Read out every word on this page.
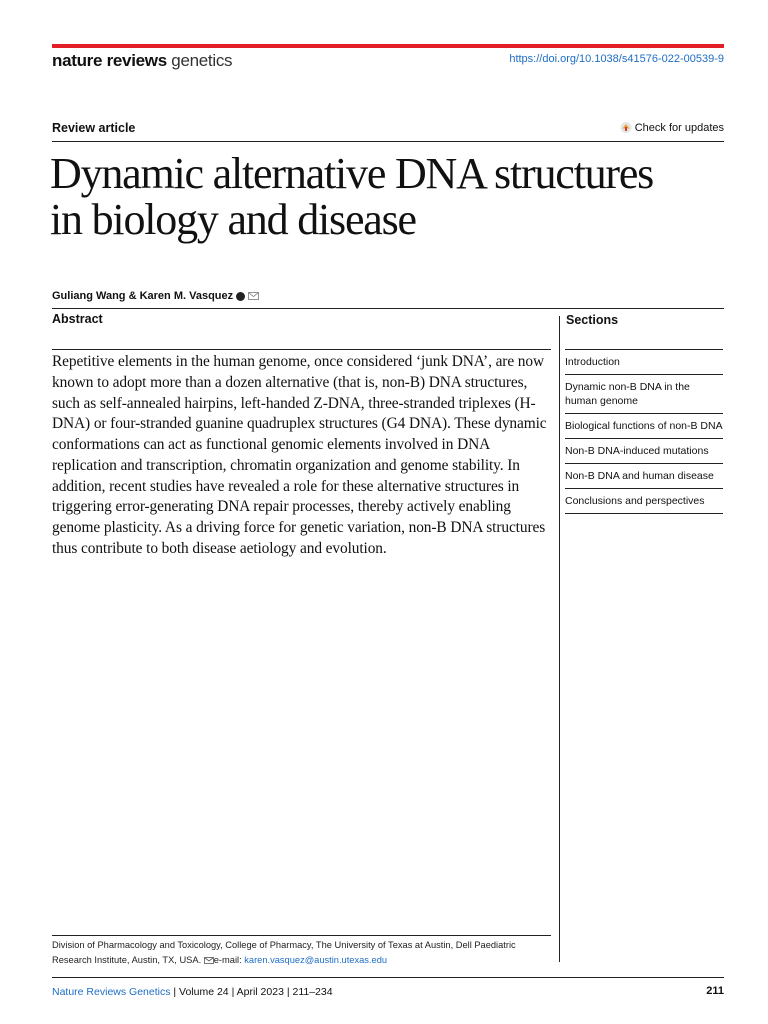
nature reviews genetics	https://doi.org/10.1038/s41576-022-00539-9
Review article	Check for updates
Dynamic alternative DNA structures in biology and disease
Guliang Wang & Karen M. Vasquez
Abstract

Repetitive elements in the human genome, once considered ‘junk DNA’, are now known to adopt more than a dozen alternative (that is, non-B) DNA structures, such as self-annealed hairpins, left-handed Z-DNA, three-stranded triplexes (H-DNA) or four-stranded guanine quadruplex structures (G4 DNA). These dynamic conformations can act as functional genomic elements involved in DNA replication and transcription, chromatin organization and genome stability. In addition, recent studies have revealed a role for these alternative structures in triggering error-generating DNA repair processes, thereby actively enabling genome plasticity. As a driving force for genetic variation, non-B DNA structures thus contribute to both disease aetiology and evolution.

Sections
Introduction
Dynamic non-B DNA in the human genome
Biological functions of non-B DNA
Non-B DNA-induced mutations
Non-B DNA and human disease
Conclusions and perspectives
Division of Pharmacology and Toxicology, College of Pharmacy, The University of Texas at Austin, Dell Paediatric Research Institute, Austin, TX, USA. e-mail: karen.vasquez@austin.utexas.edu
Nature Reviews Genetics | Volume 24 | April 2023 | 211–234	211
